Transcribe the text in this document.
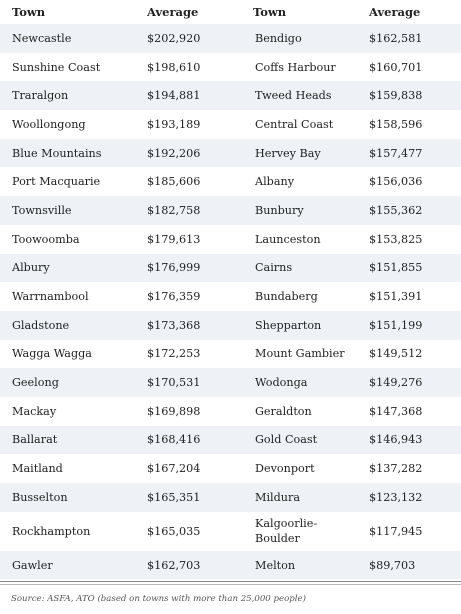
Town	Average	Town	Average
Newcastle	$202,920	Bendigo	$162,581
Sunshine Coast	$198,610	Coffs Harbour	$160,701
Traralgon	$194,881	Tweed Heads	$159,838
Woollongong	$193,189	Central Coast	$158,596
Blue Mountains	$192,206	Hervey Bay	$157,477
Port Macquarie	$185,606	Albany	$156,036
Townsville	$182,758	Bunbury	$155,362
Toowoomba	$179,613	Launceston	$153,825
Albury	$176,999	Cairns	$151,855
Warrnambool	$176,359	Bundaberg	$151,391
Gladstone	$173,368	Shepparton	$151,199
Wagga Wagga	$172,253	Mount Gambier	$149,512
Geelong	$170,531	Wodonga	$149,276
Mackay	$169,898	Geraldton	$147,368
Ballarat	$168,416	Gold Coast	$146,943
Maitland	$167,204	Devonport	$137,282
Busselton	$165,351	Mildura	$123,132
Rockhampton	$165,035	Kalgoorlie-Boulder	$117,945
Gawler	$162,703	Melton	$89,703
Source: ASFA, ATO (based on towns with more than 25,000 people)
